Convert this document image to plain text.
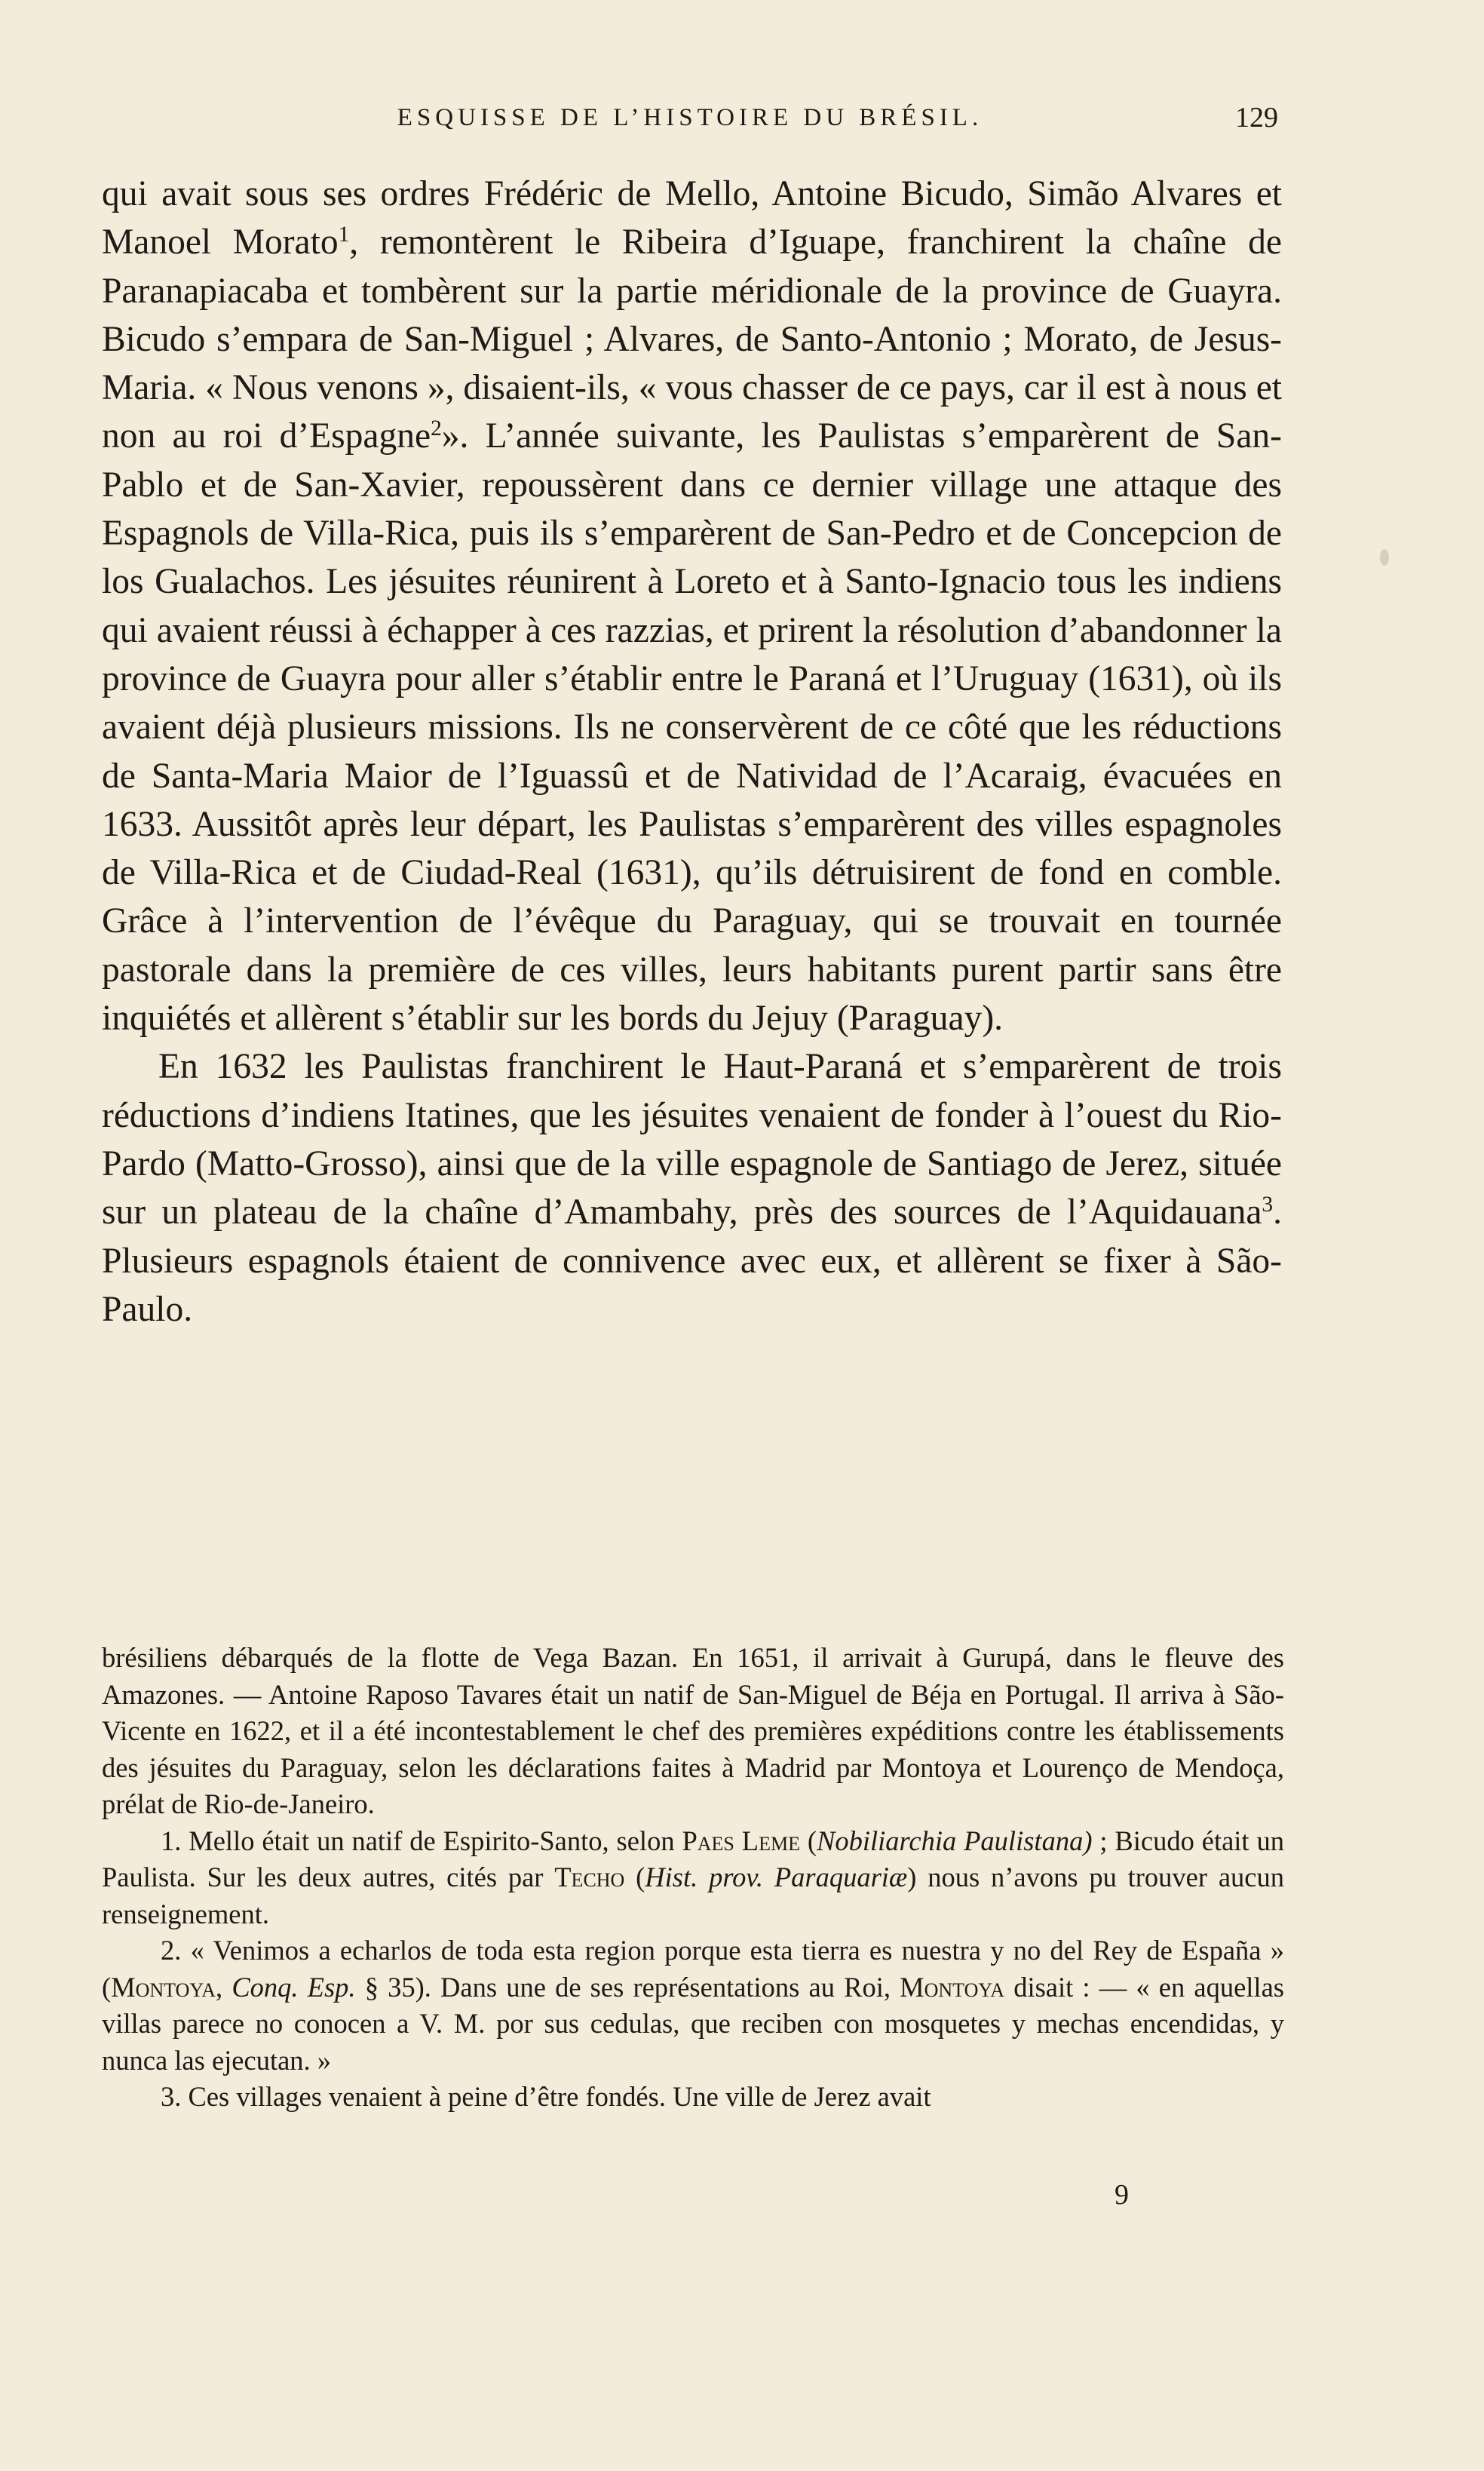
ESQUISSE DE L’HISTOIRE DU BRÉSIL.	129

qui avait sous ses ordres Frédéric de Mello, Antoine Bicudo, Simão Alvares et Manoel Morato$^1$, remontèrent le Ribeira d’Iguape, franchirent la chaîne de Paranapiacaba et tombèrent sur la partie méridionale de la province de Guayra. Bicudo s’empara de San-Miguel ; Alvares, de Santo-Antonio ; Morato, de Jesus-Maria. « Nous venons », disaient-ils, « vous chasser de ce pays, car il est à nous et non au roi d’Espagne$^2$». L’année suivante, les Paulistas s’emparèrent de San-Pablo et de San-Xavier, repoussèrent dans ce dernier village une attaque des Espagnols de Villa-Rica, puis ils s’emparèrent de San-Pedro et de Concepcion de los Gualachos. Les jésuites réunirent à Loreto et à Santo-Ignacio tous les indiens qui avaient réussi à échapper à ces razzias, et prirent la résolution d’abandonner la province de Guayra pour aller s’établir entre le Paraná et l’Uruguay (1631), où ils avaient déjà plusieurs missions. Ils ne conservèrent de ce côté que les réductions de Santa-Maria Maior de l’Iguassû et de Natividad de l’Acaraig, évacuées en 1633. Aussitôt après leur départ, les Paulistas s’emparèrent des villes espagnoles de Villa-Rica et de Ciudad-Real (1631), qu’ils détruisirent de fond en comble. Grâce à l’intervention de l’évêque du Paraguay, qui se trouvait en tournée pastorale dans la première de ces villes, leurs habitants purent partir sans être inquiétés et allèrent s’établir sur les bords du Jejuy (Paraguay).

En 1632 les Paulistas franchirent le Haut-Paraná et s’emparèrent de trois réductions d’indiens Itatines, que les jésuites venaient de fonder à l’ouest du Rio-Pardo (Matto-Grosso), ainsi que de la ville espagnole de Santiago de Jerez, située sur un plateau de la chaîne d’Amambahy, près des sources de l’Aquidauana$^3$. Plusieurs espagnols étaient de connivence avec eux, et allèrent se fixer à São-Paulo.

brésiliens débarqués de la flotte de Vega Bazan. En 1651, il arrivait à Gurupá, dans le fleuve des Amazones. — Antoine Raposo Tavares était un natif de San-Miguel de Béja en Portugal. Il arriva à São-Vicente en 1622, et il a été incontestablement le chef des premières expéditions contre les établissements des jésuites du Paraguay, selon les déclarations faites à Madrid par Montoya et Lourenço de Mendoça, prélat de Rio-de-Janeiro.

1. Mello était un natif de Espirito-Santo, selon Paes Leme (Nobiliarchia Paulistana) ; Bicudo était un Paulista. Sur les deux autres, cités par Techo (Hist. prov. Paraquariæ) nous n’avons pu trouver aucun renseignement.

2. « Venimos a echarlos de toda esta region porque esta tierra es nuestra y no del Rey de España » (Montoya, Conq. Esp. § 35). Dans une de ses représentations au Roi, Montoya disait : — « en aquellas villas parece no conocen a V. M. por sus cedulas, que reciben con mosquetes y mechas encendidas, y nunca las ejecutan. »

3. Ces villages venaient à peine d’être fondés. Une ville de Jerez avait

9
